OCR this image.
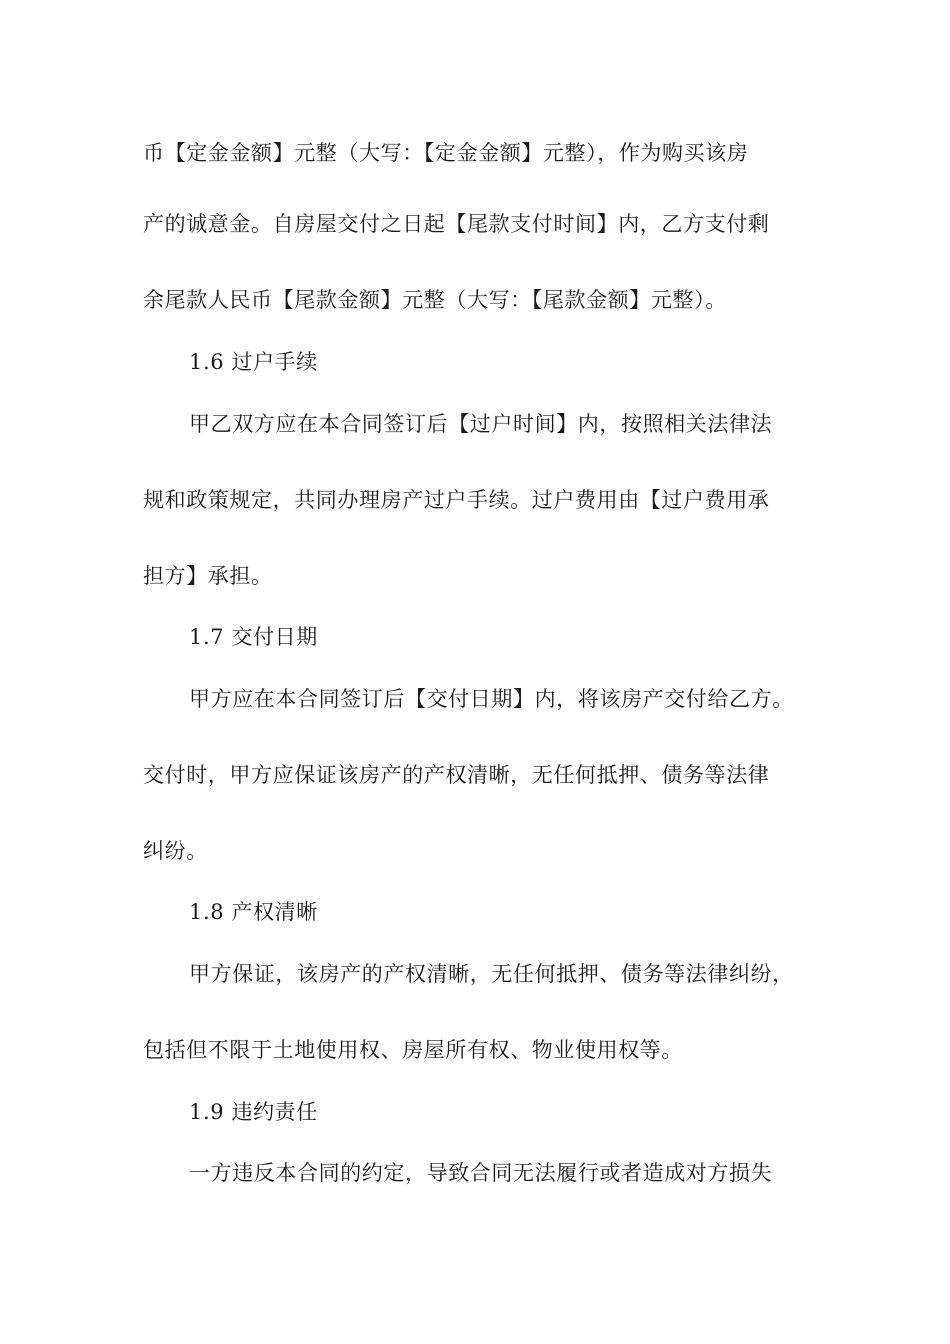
币【定金金额】元整（大写：【定金金额】元整），作为购买该房
产的诚意金。自房屋交付之日起【尾款支付时间】内，乙方支付剩
余尾款人民币【尾款金额】元整（大写：【尾款金额】元整）。
1.6 过户手续
甲乙双方应在本合同签订后【过户时间】内，按照相关法律法
规和政策规定，共同办理房产过户手续。过户费用由【过户费用承
担方】承担。
1.7 交付日期
甲方应在本合同签订后【交付日期】内，将该房产交付给乙方。
交付时，甲方应保证该房产的产权清晰，无任何抵押、债务等法律
纠纷。
1.8 产权清晰
甲方保证，该房产的产权清晰，无任何抵押、债务等法律纠纷，
包括但不限于土地使用权、房屋所有权、物业使用权等。
1.9 违约责任
一方违反本合同的约定，导致合同无法履行或者造成对方损失
